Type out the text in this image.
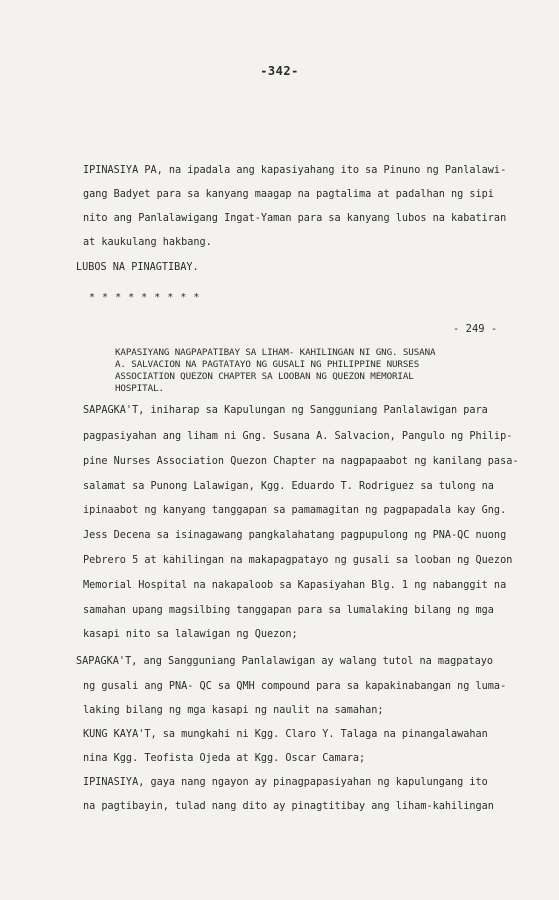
-342-
IPINASIYA PA, na ipadala ang kapasiyahang ito sa Pinuno ng Panlalawi-
gang Badyet para sa kanyang maagap na pagtalima at padalhan ng sipi
nito ang Panlalawigang Ingat-Yaman para sa kanyang lubos na kabatiran
at kaukulang hakbang.
LUBOS NA PINAGTIBAY.
* * * * * * * * *
- 249 -
KAPASIYANG NAGPAPATIBAY SA LIHAM- KAHILINGAN NI GNG. SUSANA
A. SALVACION NA PAGTATAYO NG GUSALI NG PHILIPPINE NURSES
ASSOCIATION QUEZON CHAPTER SA LOOBAN NG QUEZON MEMORIAL
HOSPITAL.
SAPAGKA'T, iniharap sa Kapulungan ng Sangguniang Panlalawigan para
pagpasiyahan ang liham ni Gng. Susana A. Salvacion, Pangulo ng Philip-
pine Nurses Association Quezon Chapter na nagpapaabot ng kanilang pasa-
salamat sa Punong Lalawigan, Kgg. Eduardo T. Rodriguez sa tulong na
ipinaabot ng kanyang tanggapan sa pamamagitan ng pagpapadala kay Gng.
Jess Decena sa isinagawang pangkalahatang pagpupulong ng PNA-QC nuong
Pebrero 5 at kahilingan na makapagpatayo ng gusali sa looban ng Quezon
Memorial Hospital na nakapaloob sa Kapasiyahan Blg. 1 ng nabanggit na
samahan upang magsilbing tanggapan para sa lumalaking bilang ng mga
kasapi nito sa lalawigan ng Quezon;
SAPAGKA'T, ang Sangguniang Panlalawigan ay walang tutol na magpatayo
ng gusali ang PNA- QC sa QMH compound para sa kapakinabangan ng luma-
laking bilang ng mga kasapi ng naulit na samahan;
KUNG KAYA'T, sa mungkahi ni Kgg. Claro Y. Talaga na pinangalawahan
nina Kgg. Teofista Ojeda at Kgg. Oscar Camara;
IPINASIYA, gaya nang ngayon ay pinagpapasiyahan ng kapulungang ito
na pagtibayin, tulad nang dito ay pinagtitibay ang liham-kahilingan
